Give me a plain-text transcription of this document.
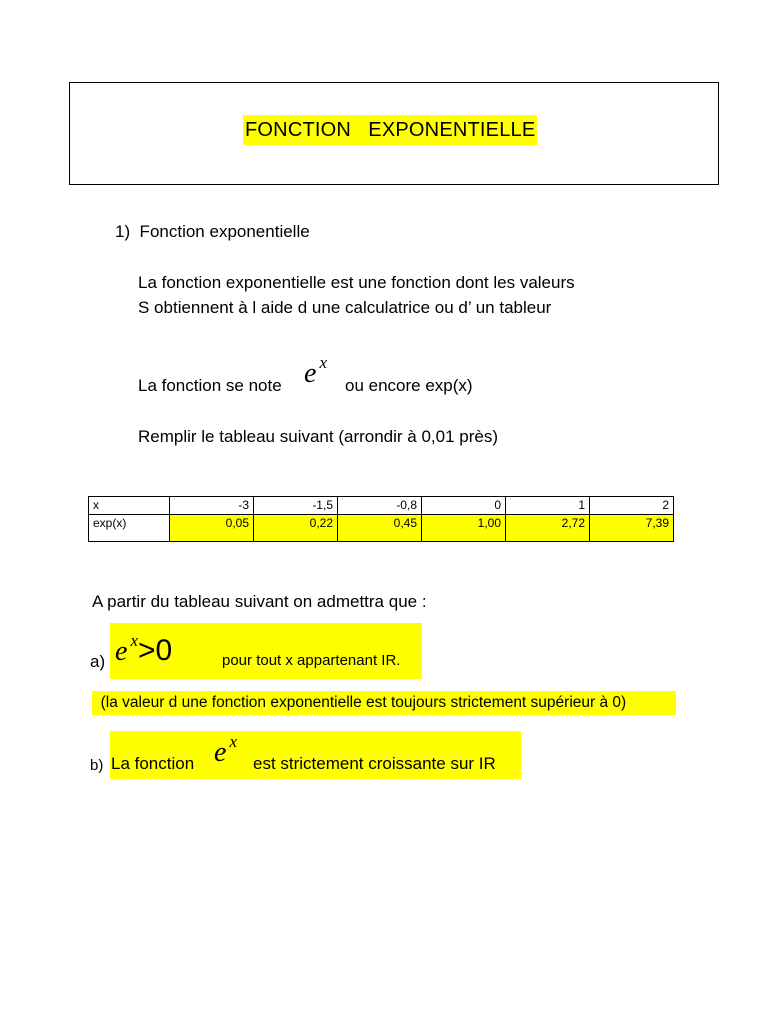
FONCTION   EXPONENTIELLE
1)  Fonction exponentielle
La fonction exponentielle est une fonction dont les valeurs
S obtiennent à l aide d une calculatrice ou d’ un tableur
La fonction se note ex
ou encore exp(x)
Remplir le tableau suivant (arrondir à 0,01 près)
x	-3	-1,5	-0,8	0	1	2
exp(x)	0,05	0,22	0,45	1,00	2,72	7,39
A partir du tableau suivant on admettra que :
a) ex>0	pour tout x appartenant IR.
(la valeur d une fonction exponentielle est toujours strictement supérieur à 0)
b) La fonction ex
est strictement croissante sur IR
